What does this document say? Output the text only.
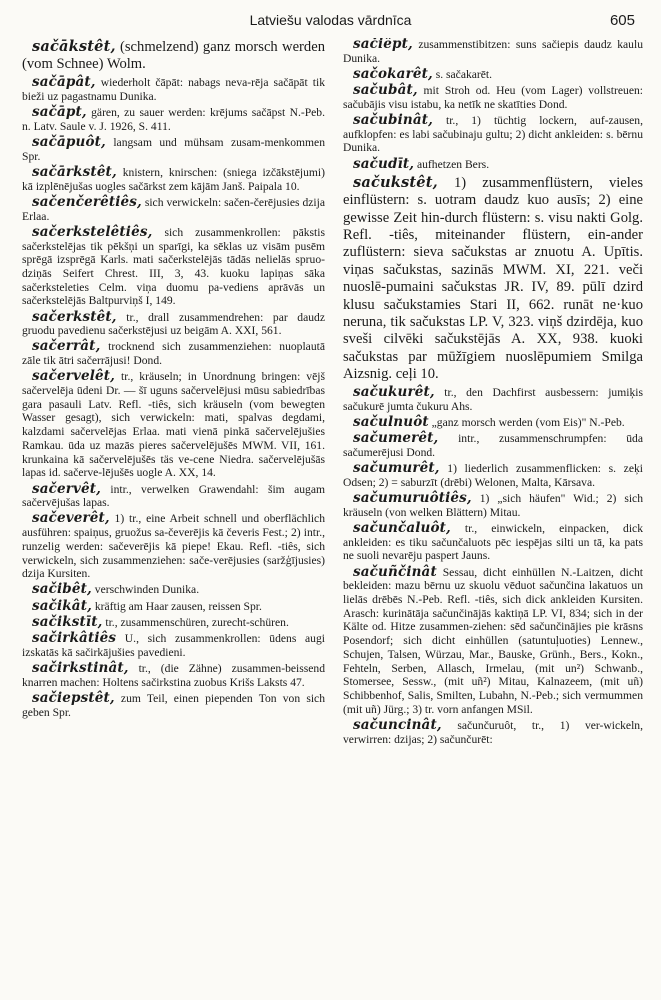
Latviešu valodas vārdnīca	605

sačākstêt, (schmelzend) ganz morsch werden (vom Schnee) Wolm.

sačāpât, wiederholt čāpāt: nabags neva-rēja sačāpāt tik bieži uz pagastnamu Dunika.

sačāpt, gären, zu sauer werden: krējums sačāpst N.-Peb. n. Latv. Saule v. J. 1926, S. 411.

sačāpuôt, langsam und mühsam zusam-menkommen Spr.

sačārkstêt, knistern, knirschen: (sniega izčākstējumi) kā izplēnējušas uogles sačārkst zem kājām Janš. Paipala 10.

sačenčerêtiês, sich verwickeln: sačen-čerējusies dzija Erlaa.

sačerkstelêtiês, sich zusammenkrollen: pākstis sačerkstelējas tik pēkšņi un sparīgi, ka sēklas uz visām pusēm sprēgā izsprēgā Karls. mati sačerkstelējās tādās nelielās spruo-dziņās Seifert Chrest. III, 3, 43. kuoku lapiņas sāka sačerksteleties Celm. viņa duomu pa-vediens aprāvās un sačerkstelējās Baltpurviņš I, 149.

sačerkstêt, tr., drall zusammendrehen: par daudz gruodu pavedienu sačerkstējusi uz beigām A. XXI, 561.

sačerrât, trocknend sich zusammenziehen: nuoplautā zāle tik ātri sačerrājusi! Dond.

sačervelêt, tr., kräuseln; in Unordnung bringen: vējš sačervelēja ūdeni Dr. — šī uguns sačervelējusi mūsu sabiedrības gara pasauli Latv. Refl. -tiês, sich kräuseln (vom bewegten Wasser gesagt), sich verwickeln: mati, spalvas degdami, kalzdami sačervelējas Erlaa. mati vienā pinkā sačervelējušies Ramkau. ūda uz mazās pieres sačervelējušēs MWM. VII, 161. krunkaina kā sačervelējušēs täs ve-cene Niedra. sačervelējušās lapas id. sačerve-lējušēs uogle A. XX, 14.

sačervêt, intr., verwelken Grawendahl: šim augam sačervējušas lapas.

sačeverêt, 1) tr., eine Arbeit schnell und oberflächlich ausführen: spaiņus, gruožus sa-čeverējis kā čeveris Fest.; 2) intr., runzelig werden: sačeverējis kā piepe! Ekau. Refl. -tiês, sich verwickeln, sich zusammenziehen: sače-verējusies (saržģījusies) dzija Kursiten.

sačibêt, verschwinden Dunika.

sačikât, kräftig am Haar zausen, reissen Spr.

sačikstīt, tr., zusammenschüren, zurecht-schüren.

sačirkâtiês U., sich zusammenkrollen: ūdens augi izskatās kā sačirkājušies pavedieni.

sačirkstinât, tr., (die Zähne) zusammen-beissend knarren machen: Holtens sačirkstina zuobus Krišs Laksts 47.

sačiepstêt, zum Teil, einen piependen Ton von sich geben Spr.

sačiêpt, zusammenstibitzen: suns sačiepis daudz kaulu Dunika.

sačokarêt, s. sačakarēt.

sačubât, mit Stroh od. Heu (vom Lager) vollstreuen: sačubājis visu istabu, ka netīk ne skatīties Dond.

sačubinât, tr., 1) tüchtig lockern, auf-zausen, aufklopfen: es labi sačubinaju gultu; 2) dicht ankleiden: s. bērnu Dunika.

sačudīt, aufhetzen Bers.

sačukstêt, 1) zusammenflüstern, vieles einflüstern: s. uotram daudz kuo ausīs; 2) eine gewisse Zeit hin-durch flüstern: s. visu nakti Golg. Refl. -tiês, miteinander flüstern, ein-ander zuflüstern: sieva sačukstas ar znuotu A. Upītis. viņas sačukstas, sazinās MWM. XI, 221. veči nuoslē-pumaini sačukstas JR. IV, 89. pūlī dzird klusu sačukstamies Stari II, 662. runāt ne·kuo neruna, tik sačukstas LP. V, 323. viņš dzirdēja, kuo sveši cilvēki sačukstējās A. XX, 938. kuoki sačukstas par mūžīgiem nuoslēpumiem Smilga Aizsnig. ceļi 10.

sačukurêt, tr., den Dachfirst ausbessern: jumiķis sačukurē jumta čukuru Ahs.

sačulnuôt „ganz morsch werden (vom Eis)" N.-Peb.

sačumerêt, intr., zusammenschrumpfen: ūda sačumerējusi Dond.

sačumurêt, 1) liederlich zusammenflicken: s. zeķi Odsen; 2) = saburzīt (drēbi) Welonen, Malta, Kārsava.

sačumuruôtiês, 1) „sich häufen" Wid.; 2) sich kräuseln (von welken Blättern) Mitau.

sačunčaluôt, tr., einwickeln, einpacken, dick ankleiden: es tiku sačunčaluots pēc iespējas silti un tā, ka pats ne suoli nevarēju paspert Jauns.

sačuñčinât Sessau, dicht einhüllen N.-Laitzen, dicht bekleiden: mazu bērnu uz skuolu vēduot sačunčina lakatuos un lielās drēbēs N.-Peb. Refl. -tiês, sich dick ankleiden Kursiten. Arasch: kurinātāja sačunčinājās kaktiņā LP. VI, 834; sich in der Kälte od. Hitze zusammen-ziehen: sēd sačunčinājies pie krāsns Posendorf; sich dicht einhüllen (satuntuļuoties) Lennew., Schujen, Talsen, Würzau, Mar., Bauske, Grünh., Bers., Kokn., Fehteln, Serben, Allasch, Irmelau, (mit un²) Schwanb., Stomersee, Sessw., (mit uñ²) Mitau, Kalnazeem, (mit uñ) Schibbenhof, Salis, Smilten, Lubahn, N.-Peb.; sich vermummen (mit uñ) Jürg.; 3) tr. vorn anfangen MSil.

sačuncinât, sačunčuruôt, tr., 1) ver-wickeln, verwirren: dzijas; 2) sačunčurēt:
